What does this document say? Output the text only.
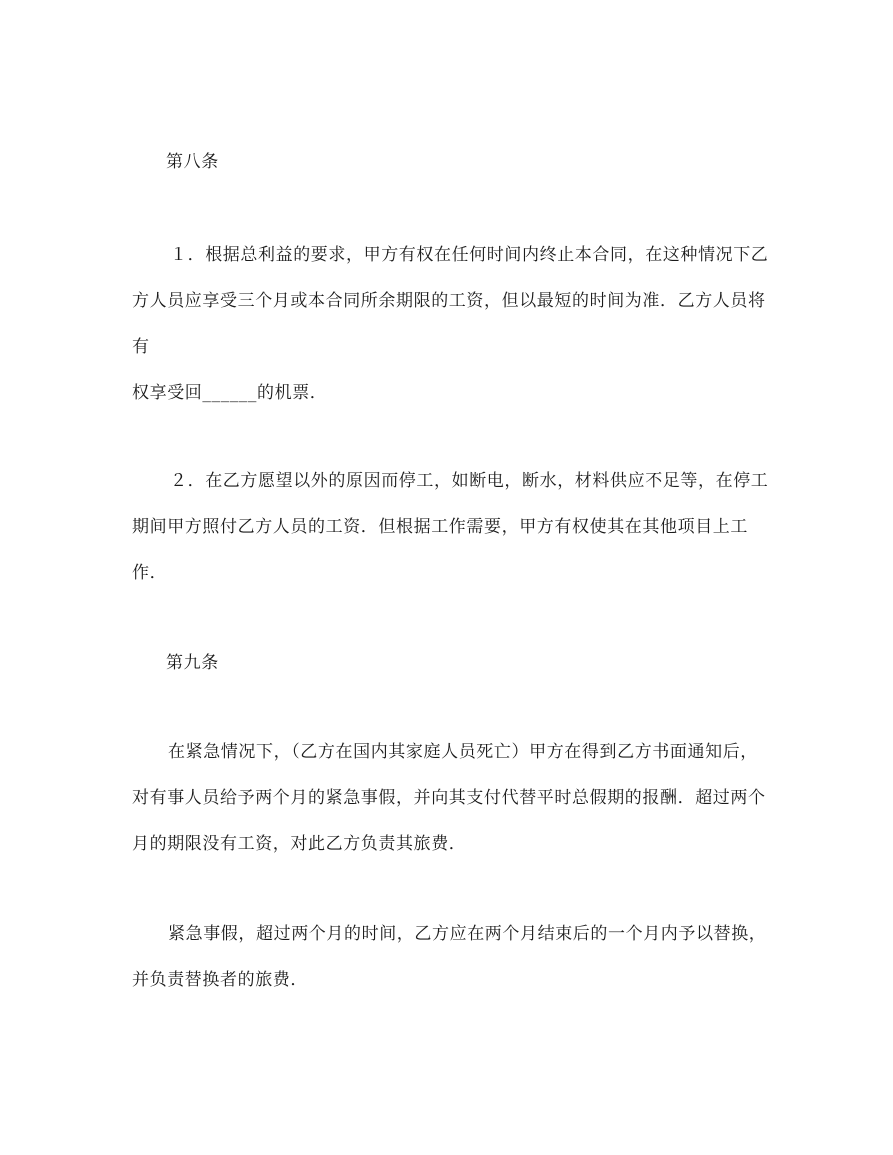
第八条
１．根据总利益的要求，甲方有权在任何时间内终止本合同，在这种情况下乙
方人员应享受三个月或本合同所余期限的工资，但以最短的时间为准．乙方人员将
有
权享受回______的机票．
２．在乙方愿望以外的原因而停工，如断电，断水，材料供应不足等，在停工
期间甲方照付乙方人员的工资．但根据工作需要，甲方有权使其在其他项目上工
作．
第九条
在紧急情况下，（乙方在国内其家庭人员死亡）甲方在得到乙方书面通知后，
对有事人员给予两个月的紧急事假，并向其支付代替平时总假期的报酬．超过两个
月的期限没有工资，对此乙方负责其旅费．
紧急事假，超过两个月的时间，乙方应在两个月结束后的一个月内予以替换，
并负责替换者的旅费．
